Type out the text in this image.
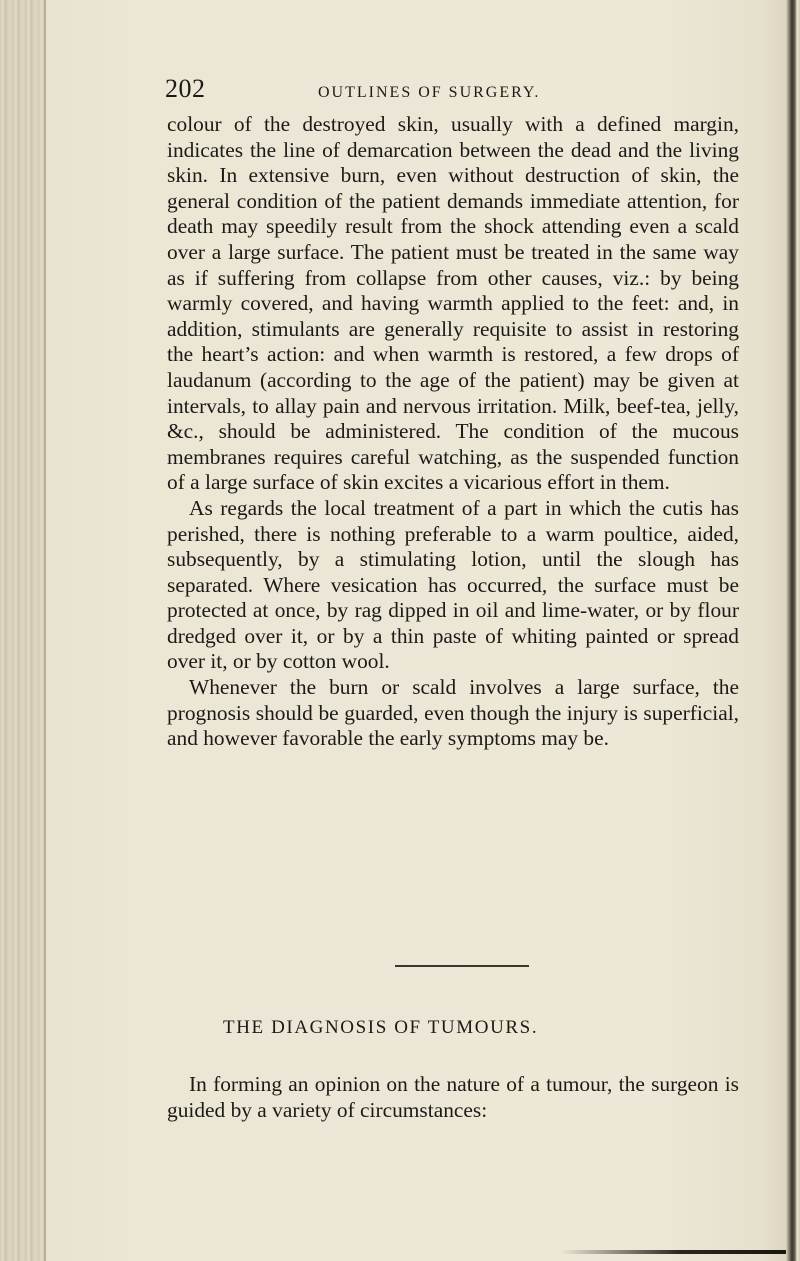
202	OUTLINES OF SURGERY.

colour of the destroyed skin, usually with a defined margin, indicates the line of demarcation between the dead and the living skin. In extensive burn, even without destruction of skin, the general condition of the patient demands immediate attention, for death may speedily result from the shock attending even a scald over a large surface. The patient must be treated in the same way as if suffering from collapse from other causes, viz.: by being warmly covered, and having warmth applied to the feet: and, in addition, stimulants are generally requisite to assist in restoring the heart’s action: and when warmth is restored, a few drops of laudanum (according to the age of the patient) may be given at intervals, to allay pain and nervous irritation. Milk, beef-tea, jelly, &c., should be administered. The condition of the mucous membranes requires careful watching, as the suspended function of a large surface of skin excites a vicarious effort in them.

As regards the local treatment of a part in which the cutis has perished, there is nothing preferable to a warm poultice, aided, subsequently, by a stimulating lotion, until the slough has separated. Where vesication has occurred, the surface must be protected at once, by rag dipped in oil and lime-water, or by flour dredged over it, or by a thin paste of whiting painted or spread over it, or by cotton wool.

Whenever the burn or scald involves a large surface, the prognosis should be guarded, even though the injury is superficial, and however favorable the early symptoms may be.

THE DIAGNOSIS OF TUMOURS.

In forming an opinion on the nature of a tumour, the surgeon is guided by a variety of circumstances:
